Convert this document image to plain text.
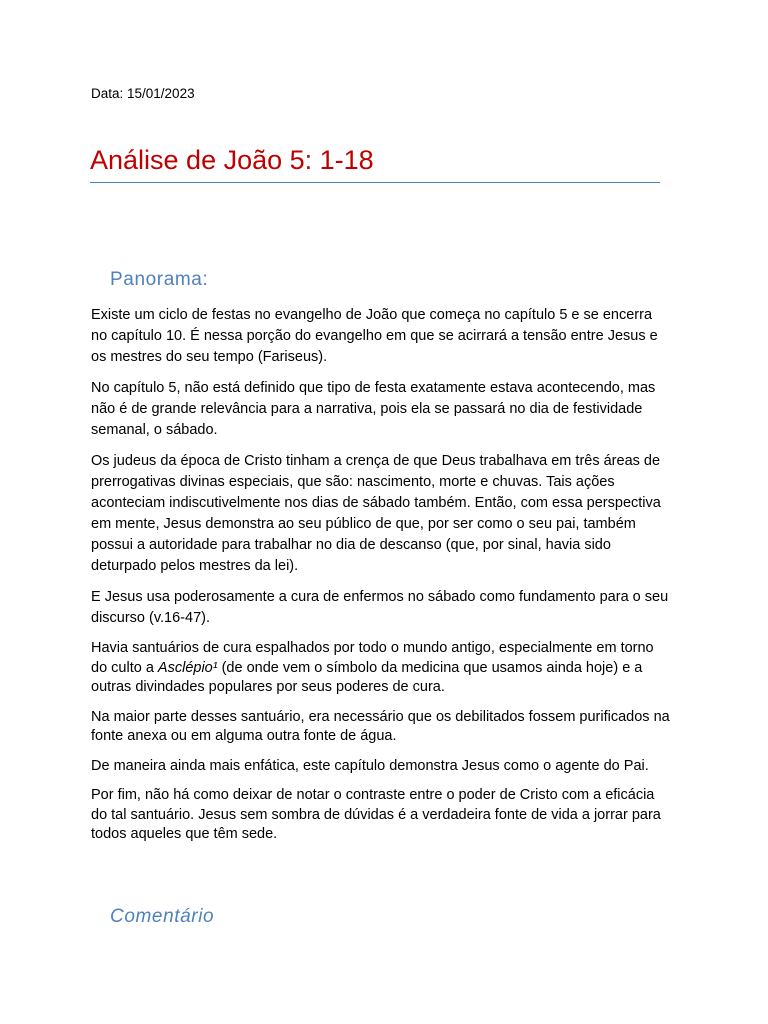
Data: 15/01/2023
Análise de João 5: 1-18
Panorama:

Existe um ciclo de festas no evangelho de João que começa no capítulo 5 e se encerra no capítulo 10. É nessa porção do evangelho em que se acirrará a tensão entre Jesus e os mestres do seu tempo (Fariseus).

No capítulo 5, não está definido que tipo de festa exatamente estava acontecendo, mas não é de grande relevância para a narrativa, pois ela se passará no dia de festividade semanal, o sábado.

Os judeus da época de Cristo tinham a crença de que Deus trabalhava em três áreas de prerrogativas divinas especiais, que são: nascimento, morte e chuvas. Tais ações aconteciam indiscutivelmente nos dias de sábado também. Então, com essa perspectiva em mente, Jesus demonstra ao seu público de que, por ser como o seu pai, também possui a autoridade para trabalhar no dia de descanso (que, por sinal, havia sido deturpado pelos mestres da lei).

E Jesus usa poderosamente a cura de enfermos no sábado como fundamento para o seu discurso (v.16-47).

Havia santuários de cura espalhados por todo o mundo antigo, especialmente em torno do culto a Asclépio¹ (de onde vem o símbolo da medicina que usamos ainda hoje) e a outras divindades populares por seus poderes de cura.

Na maior parte desses santuário, era necessário que os debilitados fossem purificados na fonte anexa ou em alguma outra fonte de água.

De maneira ainda mais enfática, este capítulo demonstra Jesus como o agente do Pai.

Por fim, não há como deixar de notar o contraste entre o poder de Cristo com a eficácia do tal santuário. Jesus sem sombra de dúvidas é a verdadeira fonte de vida a jorrar para todos aqueles que têm sede.

Comentário
